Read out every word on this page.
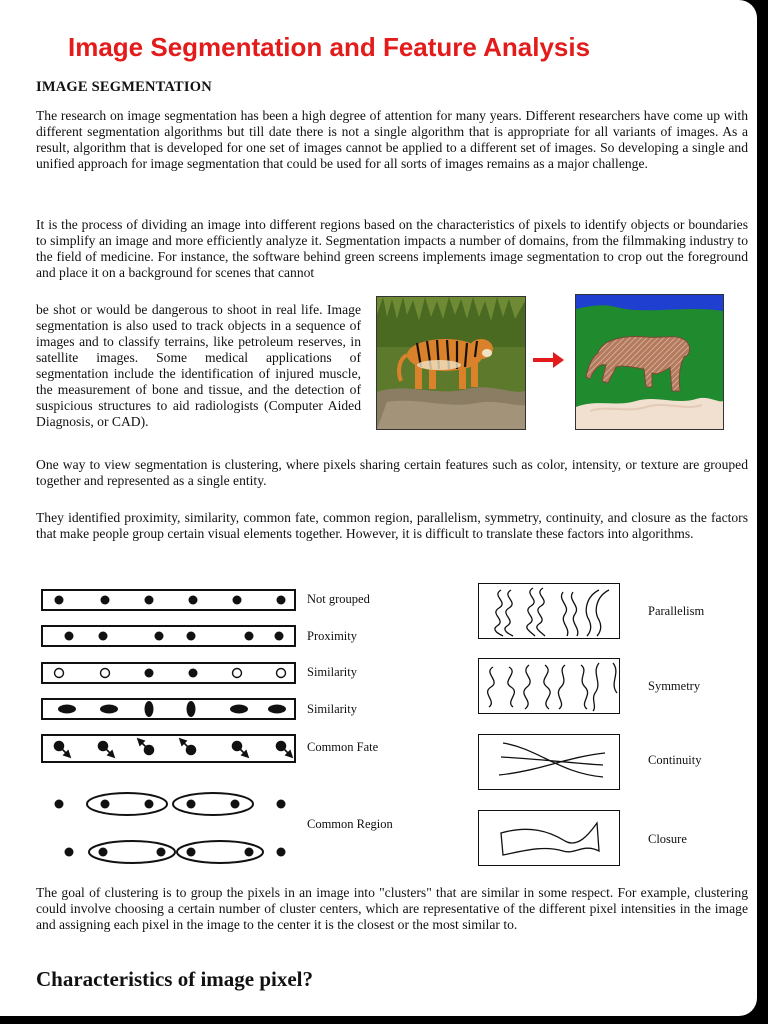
Image Segmentation and Feature Analysis
IMAGE SEGMENTATION

The research on image segmentation has been a high degree of attention for many years. Different researchers have come up with different segmentation algorithms but till date there is not a single algorithm that is appropriate for all variants of images. As a result, algorithm that is developed for one set of images cannot be applied to a different set of images. So developing a single and unified approach for image segmentation that could be used for all sorts of images remains as a major challenge.

It is the process of dividing an image into different regions based on the characteristics of pixels to identify objects or boundaries to simplify an image and more efficiently analyze it. Segmentation impacts a number of domains, from the filmmaking industry to the field of medicine. For instance, the software behind green screens implements image segmentation to crop out the foreground and place it on a background for scenes that cannot

be shot or would be dangerous to shoot in real life. Image segmentation is also used to track objects in a sequence of images and to classify terrains, like petroleum reserves, in satellite images. Some medical applications of segmentation include the identification of injured muscle, the measurement of bone and tissue, and the detection of suspicious structures to aid radiologists (Computer Aided Diagnosis, or CAD).

One way to view segmentation is clustering, where pixels sharing certain features such as color, intensity, or texture are grouped together and represented as a single entity.

They identified proximity, similarity, common fate, common region, parallelism, symmetry, continuity, and closure as the factors that make people group certain visual elements together. However, it is difficult to translate these factors into algorithms.

Not grouped

Proximity

Similarity

Similarity

Common Fate

Common Region

Parallelism

Symmetry

Continuity

Closure

The goal of clustering is to group the pixels in an image into "clusters" that are similar in some respect. For example, clustering could involve choosing a certain number of cluster centers, which are representative of the different pixel intensities in the image and assigning each pixel in the image to the center it is the closest or the most similar to.

Characteristics of image pixel?
